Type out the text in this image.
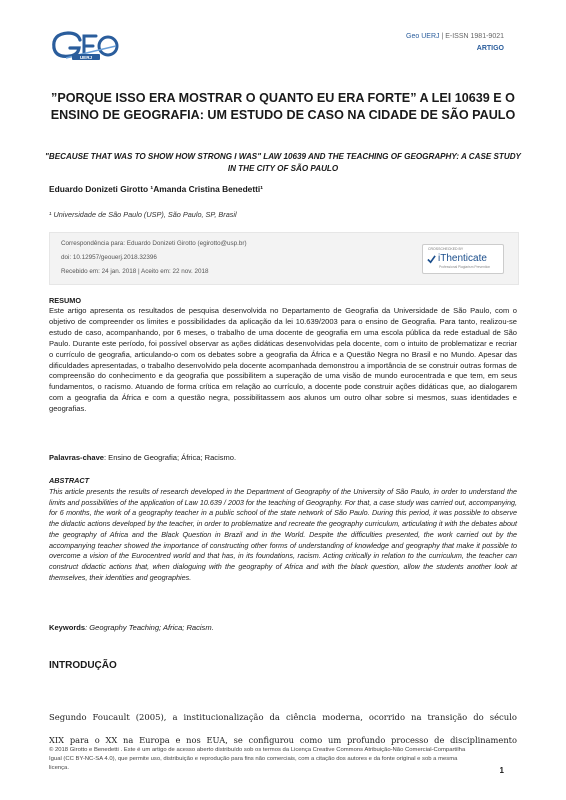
UERJ
Geo UERJ | E-ISSN 1981-9021
ARTIGO
”PORQUE ISSO ERA MOSTRAR O QUANTO EU ERA FORTE” A LEI 10639 E O ENSINO DE GEOGRAFIA: UM ESTUDO DE CASO NA CIDADE DE SÃO PAULO
"BECAUSE THAT WAS TO SHOW HOW STRONG I WAS" LAW 10639 AND THE TEACHING OF GEOGRAPHY: A CASE STUDY IN THE CITY OF SÃO PAULO
Eduardo Donizeti Girotto ¹Amanda Cristina Benedetti¹
¹ Universidade de São Paulo (USP), São Paulo, SP, Brasil
Correspondência para: Eduardo Donizeti Girotto (egirotto@usp.br)
doi: 10.12957/geouerj.2018.32396
Recebido em: 24 jan. 2018 | Aceito em: 22 nov. 2018
CROSSCHECKED BY
iThenticate
Professional Plagiarism Prevention
RESUMO
Este artigo apresenta os resultados de pesquisa desenvolvida no Departamento de Geografia da Universidade de São Paulo, com o objetivo de compreender os limites e possibilidades da aplicação da lei 10.639/2003 para o ensino de Geografia. Para tanto, realizou-se estudo de caso, acompanhando, por 6 meses, o trabalho de uma docente de geografia em uma escola pública da rede estadual de São Paulo. Durante este período, foi possível observar as ações didáticas desenvolvidas pela docente, com o intuito de problematizar e recriar o currículo de geografia, articulando-o com os debates sobre a geografia da África e a Questão Negra no Brasil e no Mundo. Apesar das dificuldades apresentadas, o trabalho desenvolvido pela docente acompanhada demonstrou a importância de se construir outras formas de compreensão do conhecimento e da geografia que possibilitem a superação de uma visão de mundo eurocentrada e que tem, em seus fundamentos, o racismo. Atuando de forma crítica em relação ao currículo, a docente pode construir ações didáticas que, ao dialogarem com a geografia da África e com a questão negra, possibilitassem aos alunos um outro olhar sobre si mesmos, suas identidades e geografias.
Palavras-chave: Ensino de Geografia; África; Racismo.
ABSTRACT
This article presents the results of research developed in the Department of Geography of the University of São Paulo, in order to understand the limits and possibilities of the application of Law 10.639 / 2003 for the teaching of Geography. For that, a case study was carried out, accompanying, for 6 months, the work of a geography teacher in a public school of the state network of São Paulo. During this period, it was possible to observe the didactic actions developed by the teacher, in order to problematize and recreate the geography curriculum, articulating it with the debates about the geography of Africa and the Black Question in Brazil and in the World. Despite the difficulties presented, the work carried out by the accompanying teacher showed the importance of constructing other forms of understanding of knowledge and geography that make it possible to overcome a vision of the Eurocentred world and that has, in its foundations, racism. Acting critically in relation to the curriculum, the teacher can construct didactic actions that, when dialoguing with the geography of Africa and with the black question, allow the students another look at themselves, their identities and geographies.
Keywords: Geography Teaching; Africa; Racism.
INTRODUÇÃO
Segundo Foucault (2005), a institucionalização da ciência moderna, ocorrido na transição do século
XIX para o XX na Europa e nos EUA, se configurou como um profundo processo de disciplinamento
© 2018 Girotto e Benedetti . Este é um artigo de acesso aberto distribuído sob os termos da Licença Creative Commons Atribuição-Não Comercial-Compartilha Igual (CC BY-NC-SA 4.0), que permite uso, distribuição e reprodução para fins não comerciais, com a citação dos autores e da fonte original e sob a mesma licença.	1
